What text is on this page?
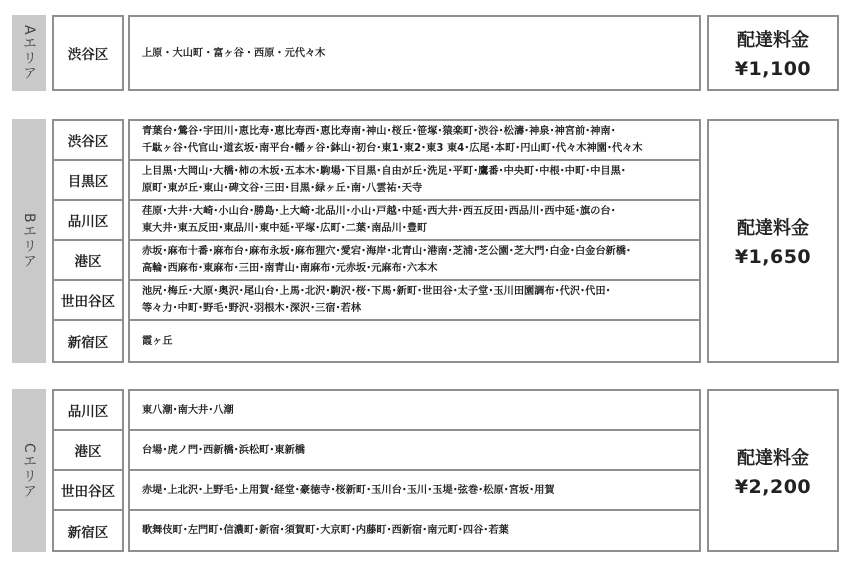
Aエリア 渋谷区	上原・大山町・富ヶ谷・西原・元代々木
配達料金
¥1,100
Bエリア
渋谷区
目黒区
品川区
港区
世田谷区
新宿区
青葉台･鶯谷･宇田川･恵比寿･恵比寿西･恵比寿南･神山･桜丘･笹塚･猿楽町･渋谷･松濤･神泉･神宮前･神南･
千駄ヶ谷･代官山･道玄坂･南平台･幡ヶ谷･鉢山･初台･東1･東2･東3 東4･広尾･本町･円山町･代々木神園･代々木
上目黒･大岡山･大橋･柿の木坂･五本木･駒場･下目黒･自由が丘･洗足･平町･鷹番･中央町･中根･中町･中目黒･
原町･東が丘･東山･碑文谷･三田･目黒･緑ヶ丘･南･八雲祐･天寺
荏原･大井･大崎･小山台･勝島･上大崎･北品川･小山･戸越･中延･西大井･西五反田･西品川･西中延･旗の台･
東大井･東五反田･東品川･東中延･平塚･広町･二葉･南品川･豊町
赤坂･麻布十番･麻布台･麻布永坂･麻布狸穴･愛宕･海岸･北青山･港南･芝浦･芝公園･芝大門･白金･白金台新橋･
高輪･西麻布･東麻布･三田･南青山･南麻布･元赤坂･元麻布･六本木
池尻･梅丘･大原･奥沢･尾山台･上馬･北沢･駒沢･桜･下馬･新町･世田谷･太子堂･玉川田園調布･代沢･代田･
等々力･中町･野毛･野沢･羽根木･深沢･三宿･若林
霞ヶ丘
配達料金
¥1,650
Cエリア
品川区
港区
世田谷区
新宿区
東八潮･南大井･八潮
台場･虎ノ門･西新橋･浜松町･東新橋
赤堤･上北沢･上野毛･上用賀･経堂･豪徳寺･桜新町･玉川台･玉川･玉堤･弦巻･松原･宮坂･用賀
歌舞伎町･左門町･信濃町･新宿･須賀町･大京町･内藤町･西新宿･南元町･四谷･若葉
配達料金
¥2,200
